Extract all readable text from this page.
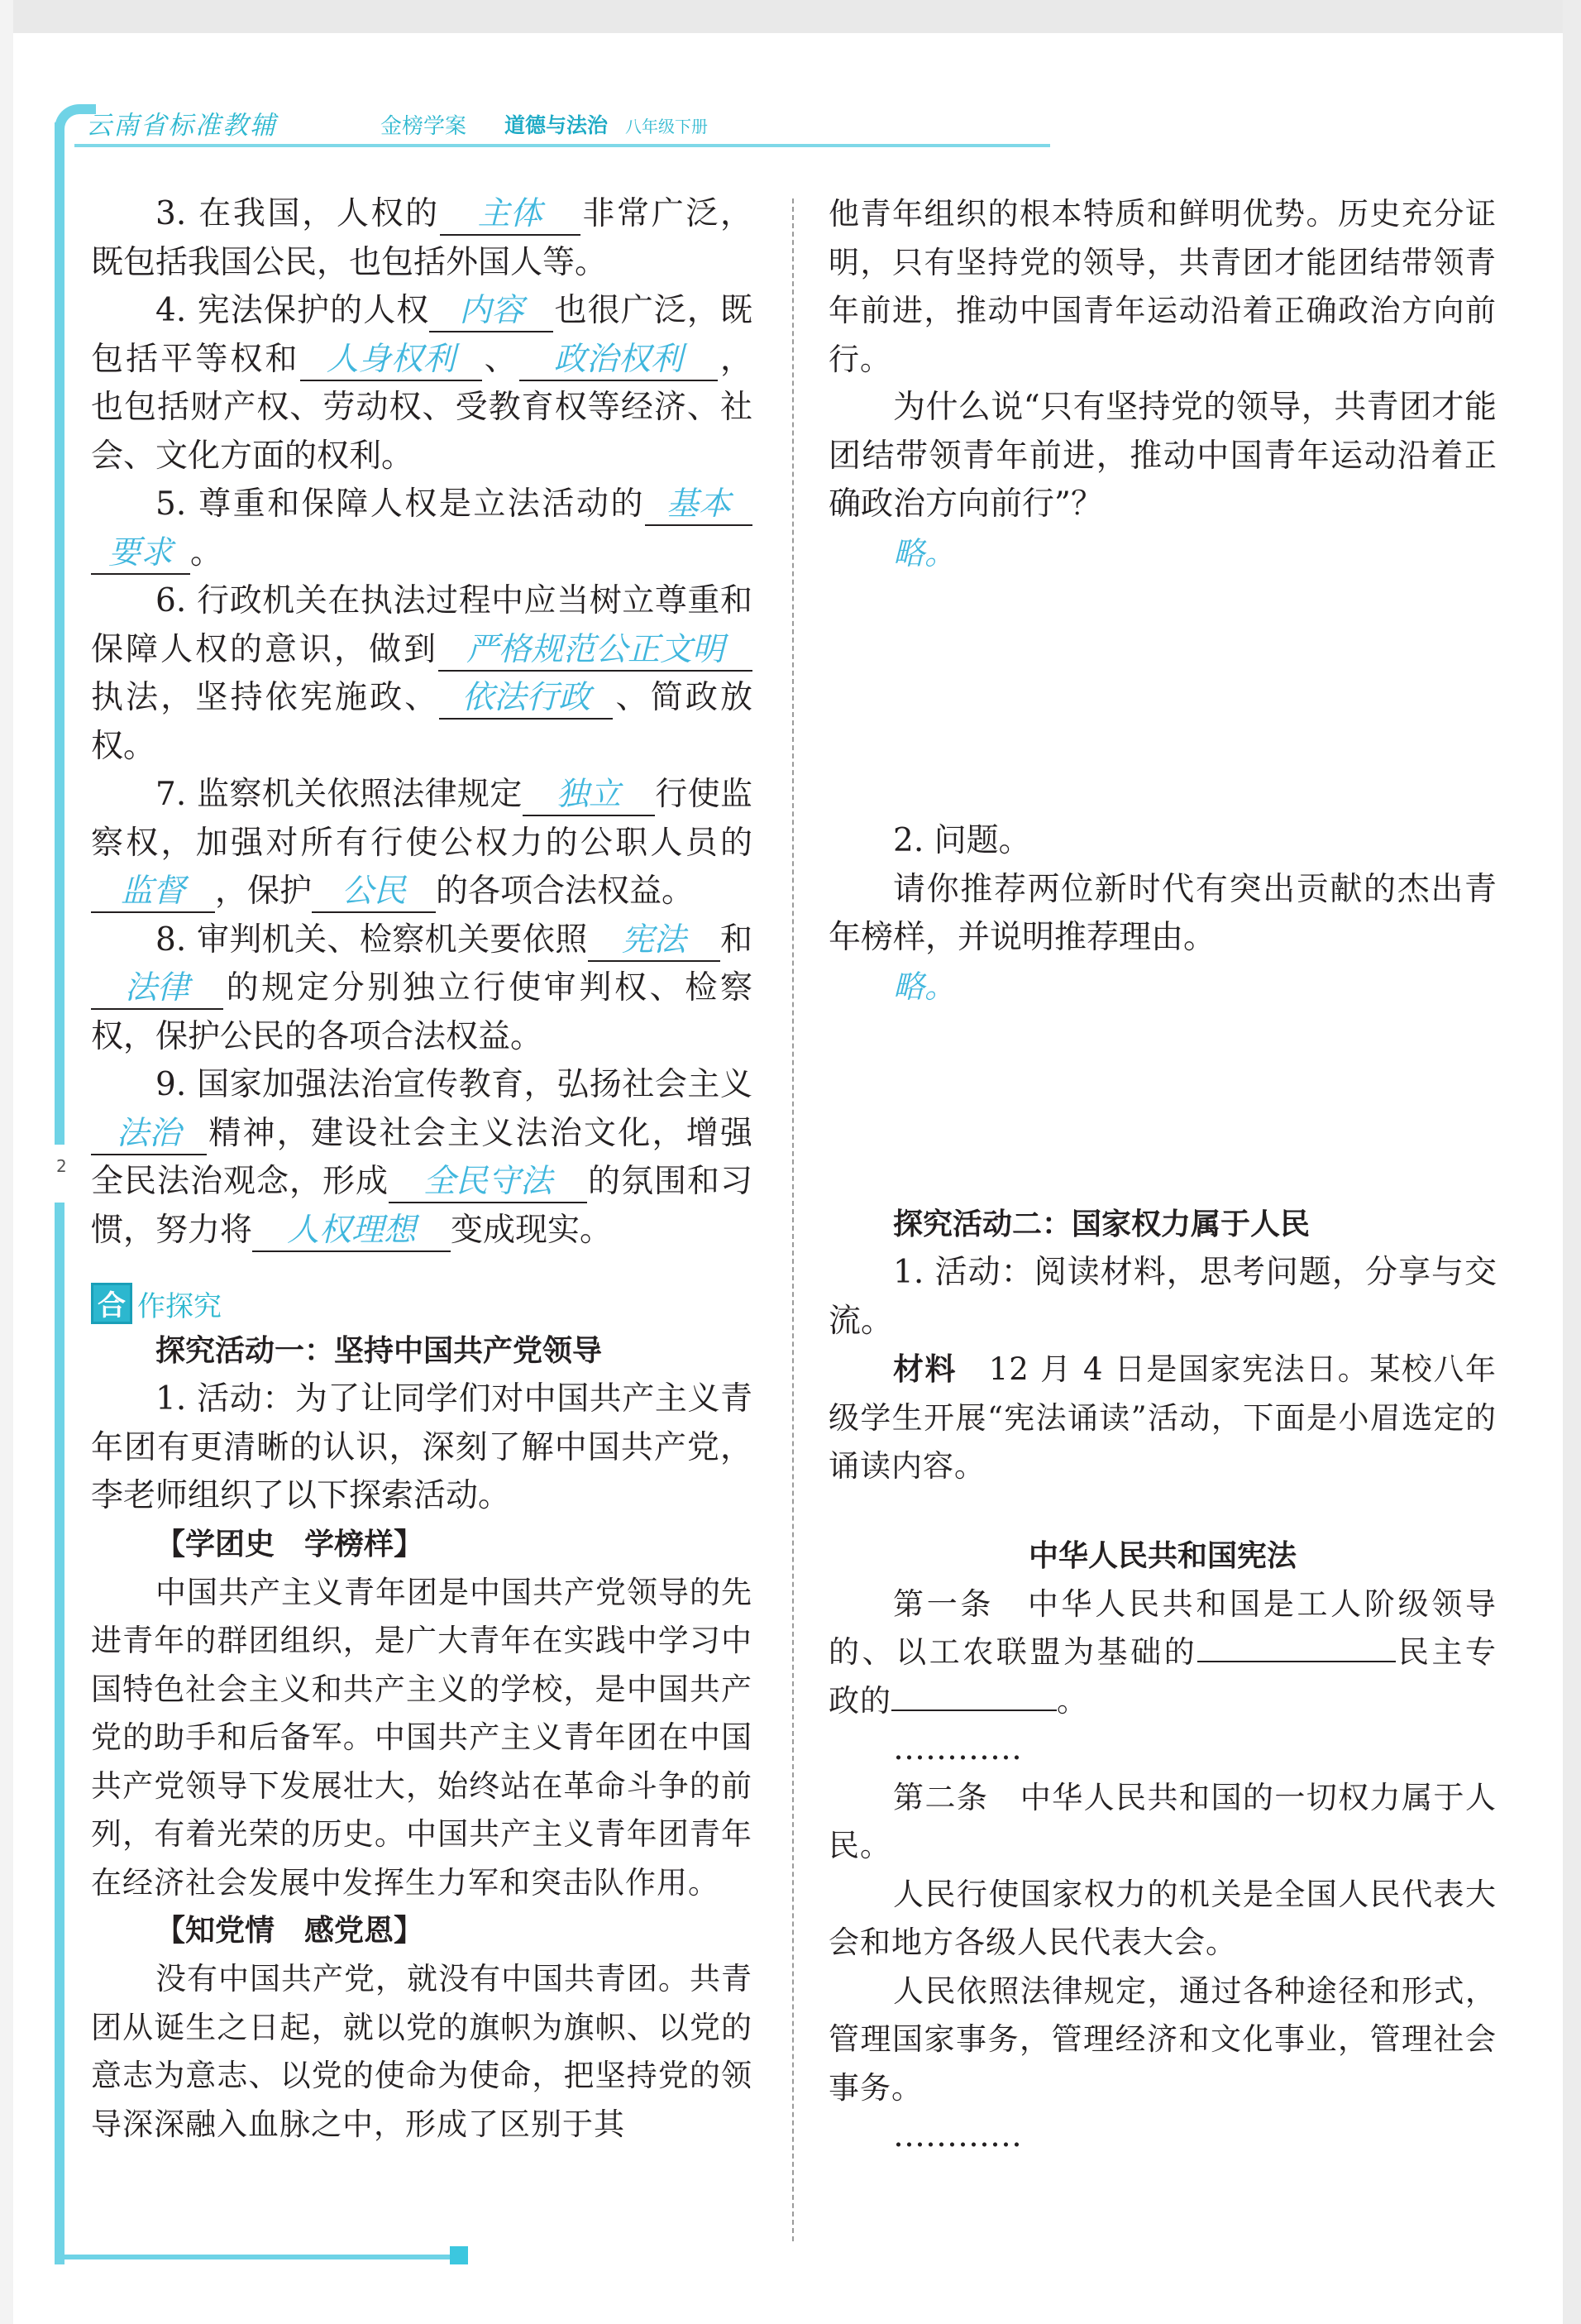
云南省标准教辅	金榜学案 道德与法治 八年级下册
2

3. 在我国，人权的 主体 非常广泛，既包括我国公民，也包括外国人等。

4. 宪法保护的人权 内容 也很广泛，既包括平等权和 人身权利 、 政治权利 ，也包括财产权、劳动权、受教育权等经济、社会、文化方面的权利。

5. 尊重和保障人权是立法活动的 基本要求 。

6. 行政机关在执法过程中应当树立尊重和保障人权的意识，做到 严格规范公正文明执法，坚持依宪施政、 依法行政 、简政放权。

7. 监察机关依照法律规定 独立 行使监察权，加强对所有行使公权力的公职人员的监督 ，保护 公民 的各项合法权益。

8. 审判机关、检察机关要依照 宪法 和法律 的规定分别独立行使审判权、检察权，保护公民的各项合法权益。

9. 国家加强法治宣传教育，弘扬社会主义法治 精神，建设社会主义法治文化，增强全民法治观念，形成 全民守法 的氛围和习惯，努力将 人权理想 变成现实。

合 作探究

探究活动一：坚持中国共产党领导

1. 活动：为了让同学们对中国共产主义青年团有更清晰的认识，深刻了解中国共产党，李老师组织了以下探索活动。

【学团史　学榜样】

中国共产主义青年团是中国共产党领导的先进青年的群团组织，是广大青年在实践中学习中国特色社会主义和共产主义的学校，是中国共产党的助手和后备军。中国共产主义青年团在中国共产党领导下发展壮大，始终站在革命斗争的前列，有着光荣的历史。中国共产主义青年团青年在经济社会发展中发挥生力军和突击队作用。

【知党情　感党恩】

没有中国共产党，就没有中国共青团。共青团从诞生之日起，就以党的旗帜为旗帜、以党的意志为意志、以党的使命为使命，把坚持党的领导深深融入血脉之中，形成了区别于其

他青年组织的根本特质和鲜明优势。历史充分证明，只有坚持党的领导，共青团才能团结带领青年前进，推动中国青年运动沿着正确政治方向前行。

为什么说“只有坚持党的领导，共青团才能团结带领青年前进，推动中国青年运动沿着正确政治方向前行”？

略。

2. 问题。

请你推荐两位新时代有突出贡献的杰出青年榜样，并说明推荐理由。

略。

探究活动二：国家权力属于人民

1. 活动：阅读材料，思考问题，分享与交流。

材料　 12 月 4 日是国家宪法日。某校八年级学生开展“宪法诵读”活动，下面是小眉选定的诵读内容。

中华人民共和国宪法

第一条　中华人民共和国是工人阶级领导的、以工农联盟为基础的	民主专政的	。

…………

第二条　中华人民共和国的一切权力属于人民。

人民行使国家权力的机关是全国人民代表大会和地方各级人民代表大会。

人民依照法律规定，通过各种途径和形式，管理国家事务，管理经济和文化事业，管理社会事务。

…………
